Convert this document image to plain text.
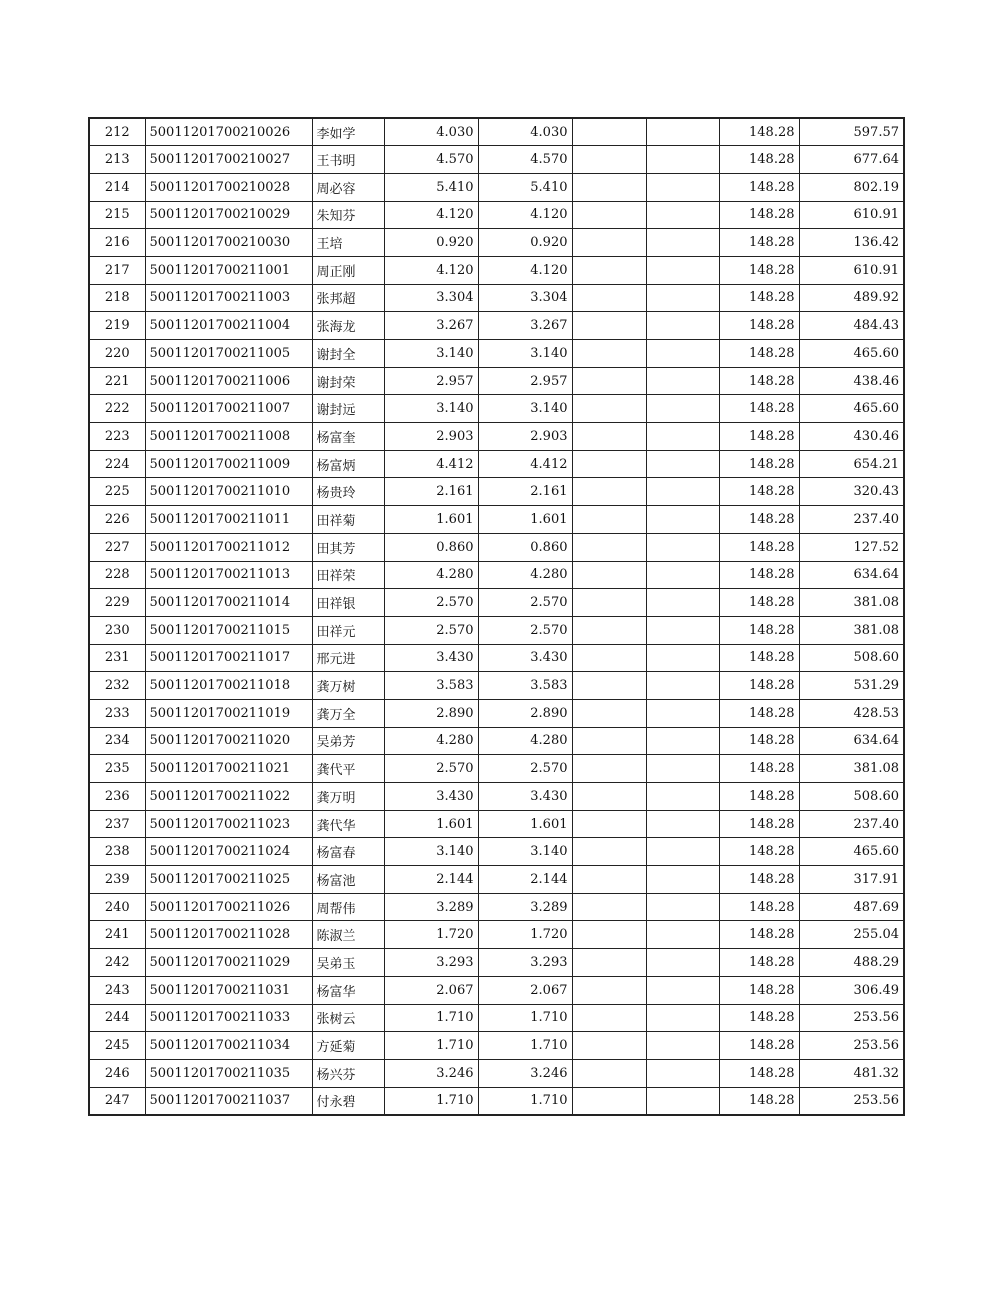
212	50011201700210026	李如学	4.030	4.030			148.28	597.57
213	50011201700210027	王书明	4.570	4.570			148.28	677.64
214	50011201700210028	周必容	5.410	5.410			148.28	802.19
215	50011201700210029	朱知芬	4.120	4.120			148.28	610.91
216	50011201700210030	王培	0.920	0.920			148.28	136.42
217	50011201700211001	周正刚	4.120	4.120			148.28	610.91
218	50011201700211003	张邦超	3.304	3.304			148.28	489.92
219	50011201700211004	张海龙	3.267	3.267			148.28	484.43
220	50011201700211005	谢封全	3.140	3.140			148.28	465.60
221	50011201700211006	谢封荣	2.957	2.957			148.28	438.46
222	50011201700211007	谢封远	3.140	3.140			148.28	465.60
223	50011201700211008	杨富奎	2.903	2.903			148.28	430.46
224	50011201700211009	杨富炳	4.412	4.412			148.28	654.21
225	50011201700211010	杨贵玲	2.161	2.161			148.28	320.43
226	50011201700211011	田祥菊	1.601	1.601			148.28	237.40
227	50011201700211012	田其芳	0.860	0.860			148.28	127.52
228	50011201700211013	田祥荣	4.280	4.280			148.28	634.64
229	50011201700211014	田祥银	2.570	2.570			148.28	381.08
230	50011201700211015	田祥元	2.570	2.570			148.28	381.08
231	50011201700211017	邢元进	3.430	3.430			148.28	508.60
232	50011201700211018	龚万树	3.583	3.583			148.28	531.29
233	50011201700211019	龚万全	2.890	2.890			148.28	428.53
234	50011201700211020	吴弟芳	4.280	4.280			148.28	634.64
235	50011201700211021	龚代平	2.570	2.570			148.28	381.08
236	50011201700211022	龚万明	3.430	3.430			148.28	508.60
237	50011201700211023	龚代华	1.601	1.601			148.28	237.40
238	50011201700211024	杨富春	3.140	3.140			148.28	465.60
239	50011201700211025	杨富池	2.144	2.144			148.28	317.91
240	50011201700211026	周帮伟	3.289	3.289			148.28	487.69
241	50011201700211028	陈淑兰	1.720	1.720			148.28	255.04
242	50011201700211029	吴弟玉	3.293	3.293			148.28	488.29
243	50011201700211031	杨富华	2.067	2.067			148.28	306.49
244	50011201700211033	张树云	1.710	1.710			148.28	253.56
245	50011201700211034	方延菊	1.710	1.710			148.28	253.56
246	50011201700211035	杨兴芬	3.246	3.246			148.28	481.32
247	50011201700211037	付永碧	1.710	1.710			148.28	253.56
